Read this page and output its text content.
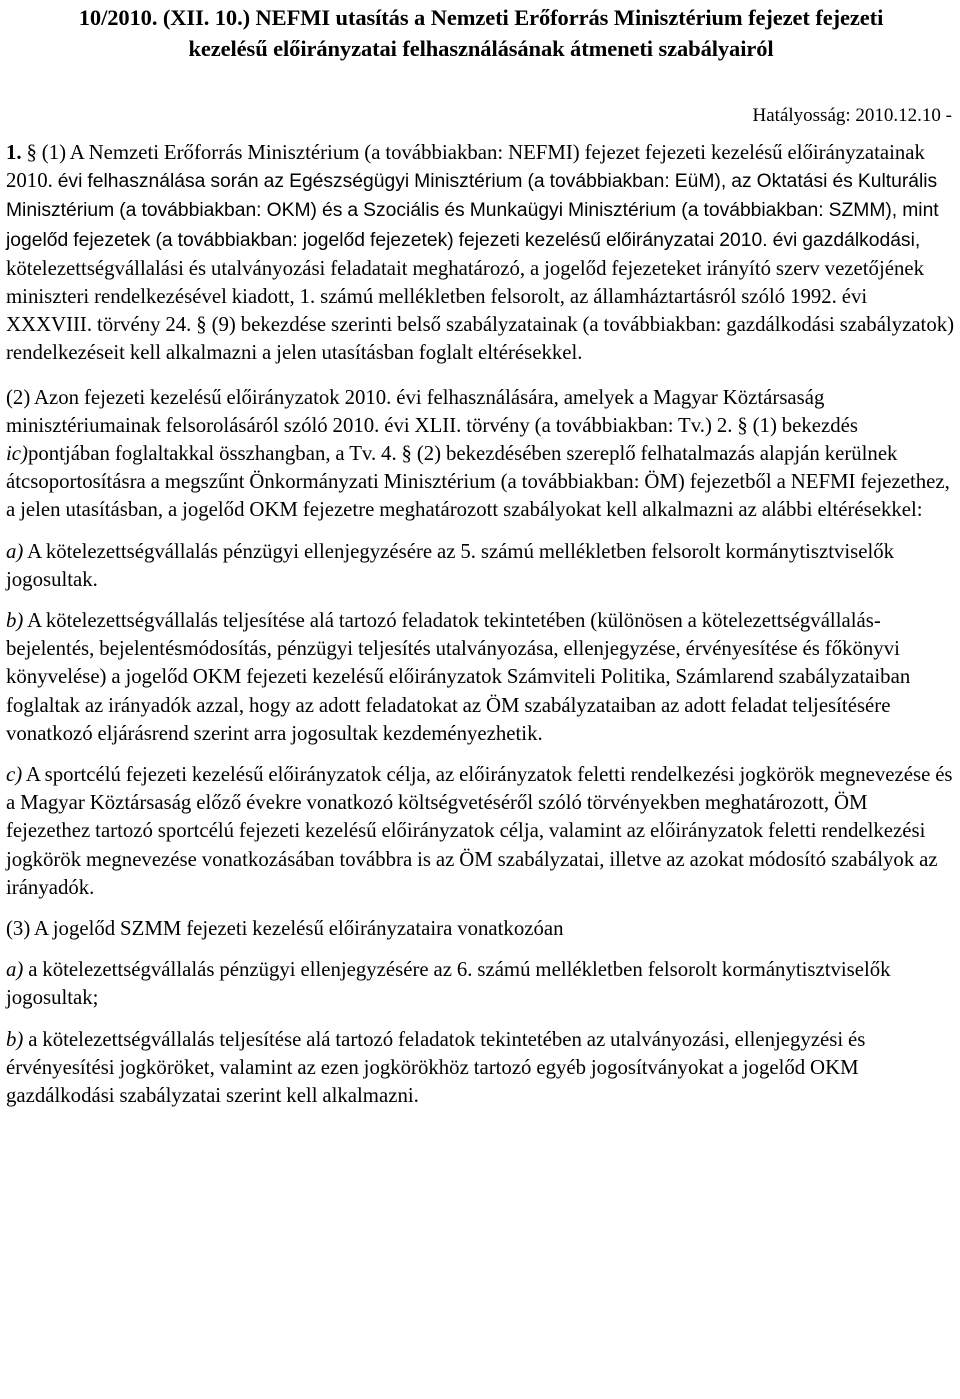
10/2010. (XII. 10.) NEFMI utasítás a Nemzeti Erőforrás Minisztérium fejezet fejezeti
kezelésű előirányzatai felhasználásának átmeneti szabályairól

Hatályosság: 2010.12.10 -

1. § (1) A Nemzeti Erőforrás Minisztérium (a továbbiakban: NEFMI) fejezet fejezeti kezelésű előirányzatainak 2010. évi felhasználása során az Egészségügyi Minisztérium (a továbbiakban: EüM), az Oktatási és Kulturális Minisztérium (a továbbiakban: OKM) és a Szociális és Munkaügyi Minisztérium (a továbbiakban: SZMM), mint jogelőd fejezetek (a továbbiakban: jogelőd fejezetek) fejezeti kezelésű előirányzatai 2010. évi gazdálkodási, kötelezettségvállalási és utalványozási feladatait meghatározó, a jogelőd fejezeteket irányító szerv vezetőjének miniszteri rendelkezésével kiadott, 1. számú mellékletben felsorolt, az államháztartásról szóló 1992. évi XXXVIII. törvény 24. § (9) bekezdése szerinti belső szabályzatainak (a továbbiakban: gazdálkodási szabályzatok) rendelkezéseit kell alkalmazni a jelen utasításban foglalt eltérésekkel.

(2) Azon fejezeti kezelésű előirányzatok 2010. évi felhasználására, amelyek a Magyar Köztársaság minisztériumainak felsorolásáról szóló 2010. évi XLII. törvény (a továbbiakban: Tv.) 2. § (1) bekezdés ic)pontjában foglaltakkal összhangban, a Tv. 4. § (2) bekezdésében szereplő felhatalmazás alapján kerülnek átcsoportosításra a megszűnt Önkormányzati Minisztérium (a továbbiakban: ÖM) fejezetből a NEFMI fejezethez, a jelen utasításban, a jogelőd OKM fejezetre meghatározott szabályokat kell alkalmazni az alábbi eltérésekkel:

a) A kötelezettségvállalás pénzügyi ellenjegyzésére az 5. számú mellékletben felsorolt kormánytisztviselők jogosultak.

b) A kötelezettségvállalás teljesítése alá tartozó feladatok tekintetében (különösen a kötelezettségvállalás- bejelentés, bejelentésmódosítás, pénzügyi teljesítés utalványozása, ellenjegyzése, érvényesítése és főkönyvi könyvelése) a jogelőd OKM fejezeti kezelésű előirányzatok Számviteli Politika, Számlarend szabályzataiban foglaltak az irányadók azzal, hogy az adott feladatokat az ÖM szabályzataiban az adott feladat teljesítésére vonatkozó eljárásrend szerint arra jogosultak kezdeményezhetik.

c) A sportcélú fejezeti kezelésű előirányzatok célja, az előirányzatok feletti rendelkezési jogkörök megnevezése és a Magyar Köztársaság előző évekre vonatkozó költségvetéséről szóló törvényekben meghatározott, ÖM fejezethez tartozó sportcélú fejezeti kezelésű előirányzatok célja, valamint az előirányzatok feletti rendelkezési jogkörök megnevezése vonatkozásában továbbra is az ÖM szabályzatai, illetve az azokat módosító szabályok az irányadók.

(3) A jogelőd SZMM fejezeti kezelésű előirányzataira vonatkozóan

a) a kötelezettségvállalás pénzügyi ellenjegyzésére az 6. számú mellékletben felsorolt kormánytisztviselők jogosultak;

b) a kötelezettségvállalás teljesítése alá tartozó feladatok tekintetében az utalványozási, ellenjegyzési és érvényesítési jogköröket, valamint az ezen jogkörökhöz tartozó egyéb jogosítványokat a jogelőd OKM gazdálkodási szabályzatai szerint kell alkalmazni.
